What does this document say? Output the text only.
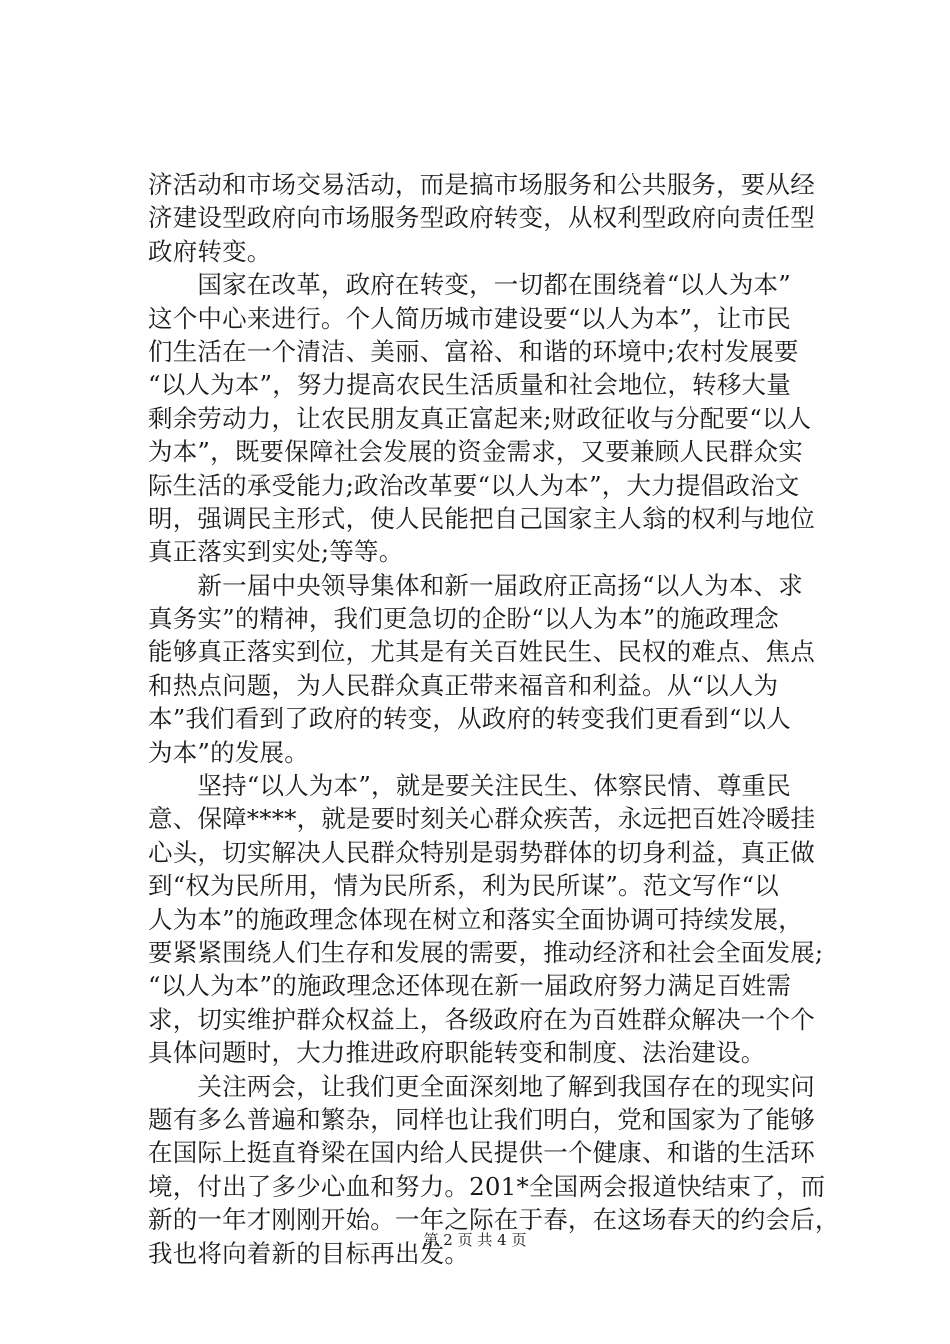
济活动和市场交易活动，而是搞市场服务和公共服务，要从经
济建设型政府向市场服务型政府转变，从权利型政府向责任型
政府转变。
　　国家在改革，政府在转变，一切都在围绕着“以人为本”
这个中心来进行。个人简历城市建设要“以人为本”，让市民
们生活在一个清洁、美丽、富裕、和谐的环境中;农村发展要
“以人为本”，努力提高农民生活质量和社会地位，转移大量
剩余劳动力，让农民朋友真正富起来;财政征收与分配要“以人
为本”，既要保障社会发展的资金需求，又要兼顾人民群众实
际生活的承受能力;政治改革要“以人为本”，大力提倡政治文
明，强调民主形式，使人民能把自己国家主人翁的权利与地位
真正落实到实处;等等。
　　新一届中央领导集体和新一届政府正高扬“以人为本、求
真务实”的精神，我们更急切的企盼“以人为本”的施政理念
能够真正落实到位，尤其是有关百姓民生、民权的难点、焦点
和热点问题，为人民群众真正带来福音和利益。从“以人为
本”我们看到了政府的转变，从政府的转变我们更看到“以人
为本”的发展。
　　坚持“以人为本”，就是要关注民生、体察民情、尊重民
意、保障****，就是要时刻关心群众疾苦，永远把百姓冷暖挂
心头，切实解决人民群众特别是弱势群体的切身利益，真正做
到“权为民所用，情为民所系，利为民所谋”。范文写作“以
人为本”的施政理念体现在树立和落实全面协调可持续发展，
要紧紧围绕人们生存和发展的需要，推动经济和社会全面发展;
“以人为本”的施政理念还体现在新一届政府努力满足百姓需
求，切实维护群众权益上，各级政府在为百姓群众解决一个个
具体问题时，大力推进政府职能转变和制度、法治建设。
　　关注两会，让我们更全面深刻地了解到我国存在的现实问
题有多么普遍和繁杂，同样也让我们明白，党和国家为了能够
在国际上挺直脊梁在国内给人民提供一个健康、和谐的生活环
境，付出了多少心血和努力。201*全国两会报道快结束了，而
新的一年才刚刚开始。一年之际在于春，在这场春天的约会后，
我也将向着新的目标再出发。
第 2 页 共 4 页
